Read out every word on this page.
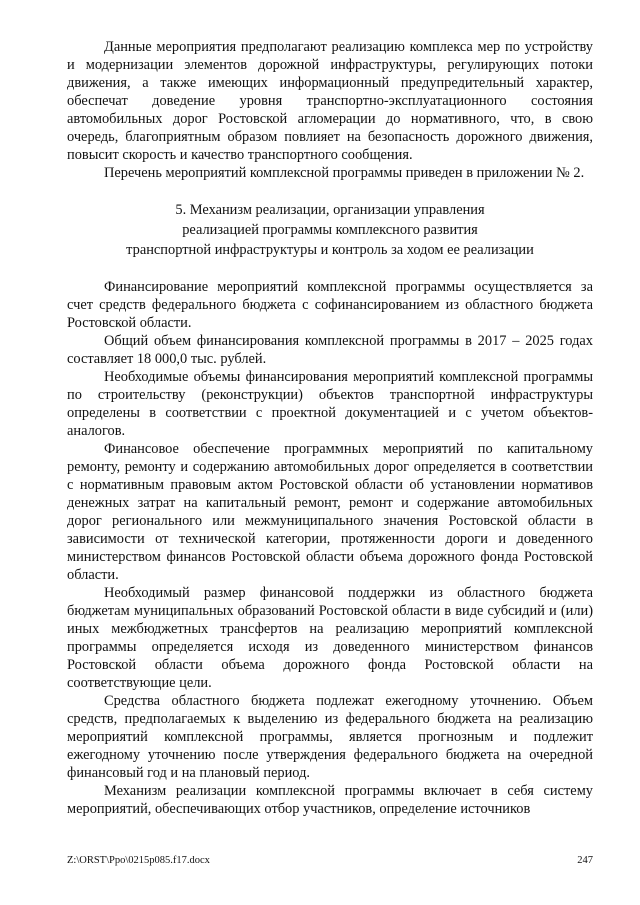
Данные мероприятия предполагают реализацию комплекса мер по устройству и модернизации элементов дорожной инфраструктуры, регулирующих потоки движения, а также имеющих информационный предупредительный характер, обеспечат доведение уровня транспортно-эксплуатационного состояния автомобильных дорог Ростовской агломерации до нормативного, что, в свою очередь, благоприятным образом повлияет на безопасность дорожного движения, повысит скорость и качество транспортного сообщения.

Перечень мероприятий комплексной программы приведен в приложении № 2.

5. Механизм реализации, организации управления
реализацией программы комплексного развития
транспортной инфраструктуры и контроль за ходом ее реализации

Финансирование мероприятий комплексной программы осуществляется за счет средств федерального бюджета с софинансированием из областного бюджета Ростовской области.

Общий объем финансирования комплексной программы в 2017 – 2025 годах составляет 18 000,0 тыс. рублей.

Необходимые объемы финансирования мероприятий комплексной программы по строительству (реконструкции) объектов транспортной инфраструктуры определены в соответствии с проектной документацией и с учетом объектов-аналогов.

Финансовое обеспечение программных мероприятий по капитальному ремонту, ремонту и содержанию автомобильных дорог определяется в соответствии с нормативным правовым актом Ростовской области об установлении нормативов денежных затрат на капитальный ремонт, ремонт и содержание автомобильных дорог регионального или межмуниципального значения Ростовской области в зависимости от технической категории, протяженности дороги и доведенного министерством финансов Ростовской области объема дорожного фонда Ростовской области.

Необходимый размер финансовой поддержки из областного бюджета бюджетам муниципальных образований Ростовской области в виде субсидий и (или) иных межбюджетных трансфертов на реализацию мероприятий комплексной программы определяется исходя из доведенного министерством финансов Ростовской области объема дорожного фонда Ростовской области на соответствующие цели.

Средства областного бюджета подлежат ежегодному уточнению. Объем средств, предполагаемых к выделению из федерального бюджета на реализацию мероприятий комплексной программы, является прогнозным и подлежит ежегодному уточнению после утверждения федерального бюджета на очередной финансовый год и на плановый период.

Механизм реализации комплексной программы включает в себя систему мероприятий, обеспечивающих отбор участников, определение источников

Z:\ORST\Ppo\0215p085.f17.docx	247
